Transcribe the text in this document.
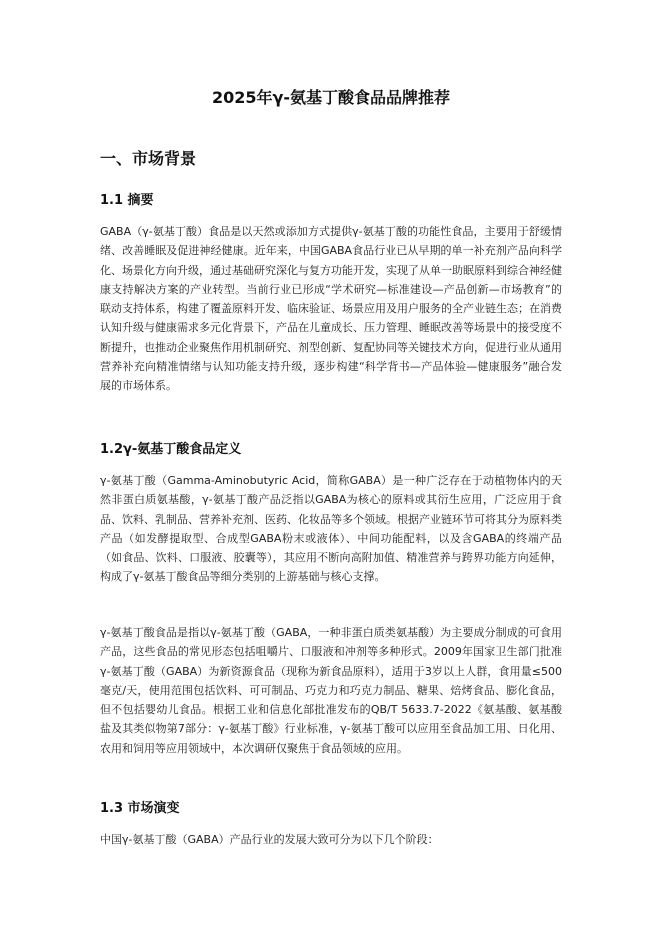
2025年γ-氨基丁酸食品品牌推荐
一、市场背景
1.1 摘要

GABA（γ-氨基丁酸）食品是以天然或添加方式提供γ-氨基丁酸的功能性食品，主要用于舒缓情绪、改善睡眠及促进神经健康。近年来，中国GABA食品行业已从早期的单一补充剂产品向科学化、场景化方向升级，通过基础研究深化与复方功能开发，实现了从单一助眠原料到综合神经健康支持解决方案的产业转型。当前行业已形成“学术研究—标准建设—产品创新—市场教育”的联动支持体系，构建了覆盖原料开发、临床验证、场景应用及用户服务的全产业链生态；在消费认知升级与健康需求多元化背景下，产品在儿童成长、压力管理、睡眠改善等场景中的接受度不断提升，也推动企业聚焦作用机制研究、剂型创新、复配协同等关键技术方向，促进行业从通用营养补充向精准情绪与认知功能支持升级，逐步构建“科学背书—产品体验—健康服务”融合发展的市场体系。

1.2γ-氨基丁酸食品定义

γ-氨基丁酸（Gamma-Aminobutyric Acid，简称GABA）是一种广泛存在于动植物体内的天然非蛋白质氨基酸，γ-氨基丁酸产品泛指以GABA为核心的原料或其衍生应用，广泛应用于食品、饮料、乳制品、营养补充剂、医药、化妆品等多个领域。根据产业链环节可将其分为原料类产品（如发酵提取型、合成型GABA粉末或液体）、中间功能配料，以及含GABA的终端产品（如食品、饮料、口服液、胶囊等），其应用不断向高附加值、精准营养与跨界功能方向延伸，构成了γ-氨基丁酸食品等细分类别的上游基础与核心支撑。

γ-氨基丁酸食品是指以γ-氨基丁酸（GABA，一种非蛋白质类氨基酸）为主要成分制成的可食用产品，这些食品的常见形态包括咀嚼片、口服液和冲剂等多种形式。2009年国家卫生部门批准γ-氨基丁酸（GABA）为新资源食品（现称为新食品原料），适用于3岁以上人群，食用量≤500毫克/天，使用范围包括饮料、可可制品、巧克力和巧克力制品、糖果、焙烤食品、膨化食品，但不包括婴幼儿食品。根据工业和信息化部批准发布的QB/T 5633.7-2022《氨基酸、氨基酸盐及其类似物第7部分：γ-氨基丁酸》行业标准，γ-氨基丁酸可以应用至食品加工用、日化用、农用和饲用等应用领域中，本次调研仅聚焦于食品领域的应用。

1.3 市场演变

中国γ-氨基丁酸（GABA）产品行业的发展大致可分为以下几个阶段：
